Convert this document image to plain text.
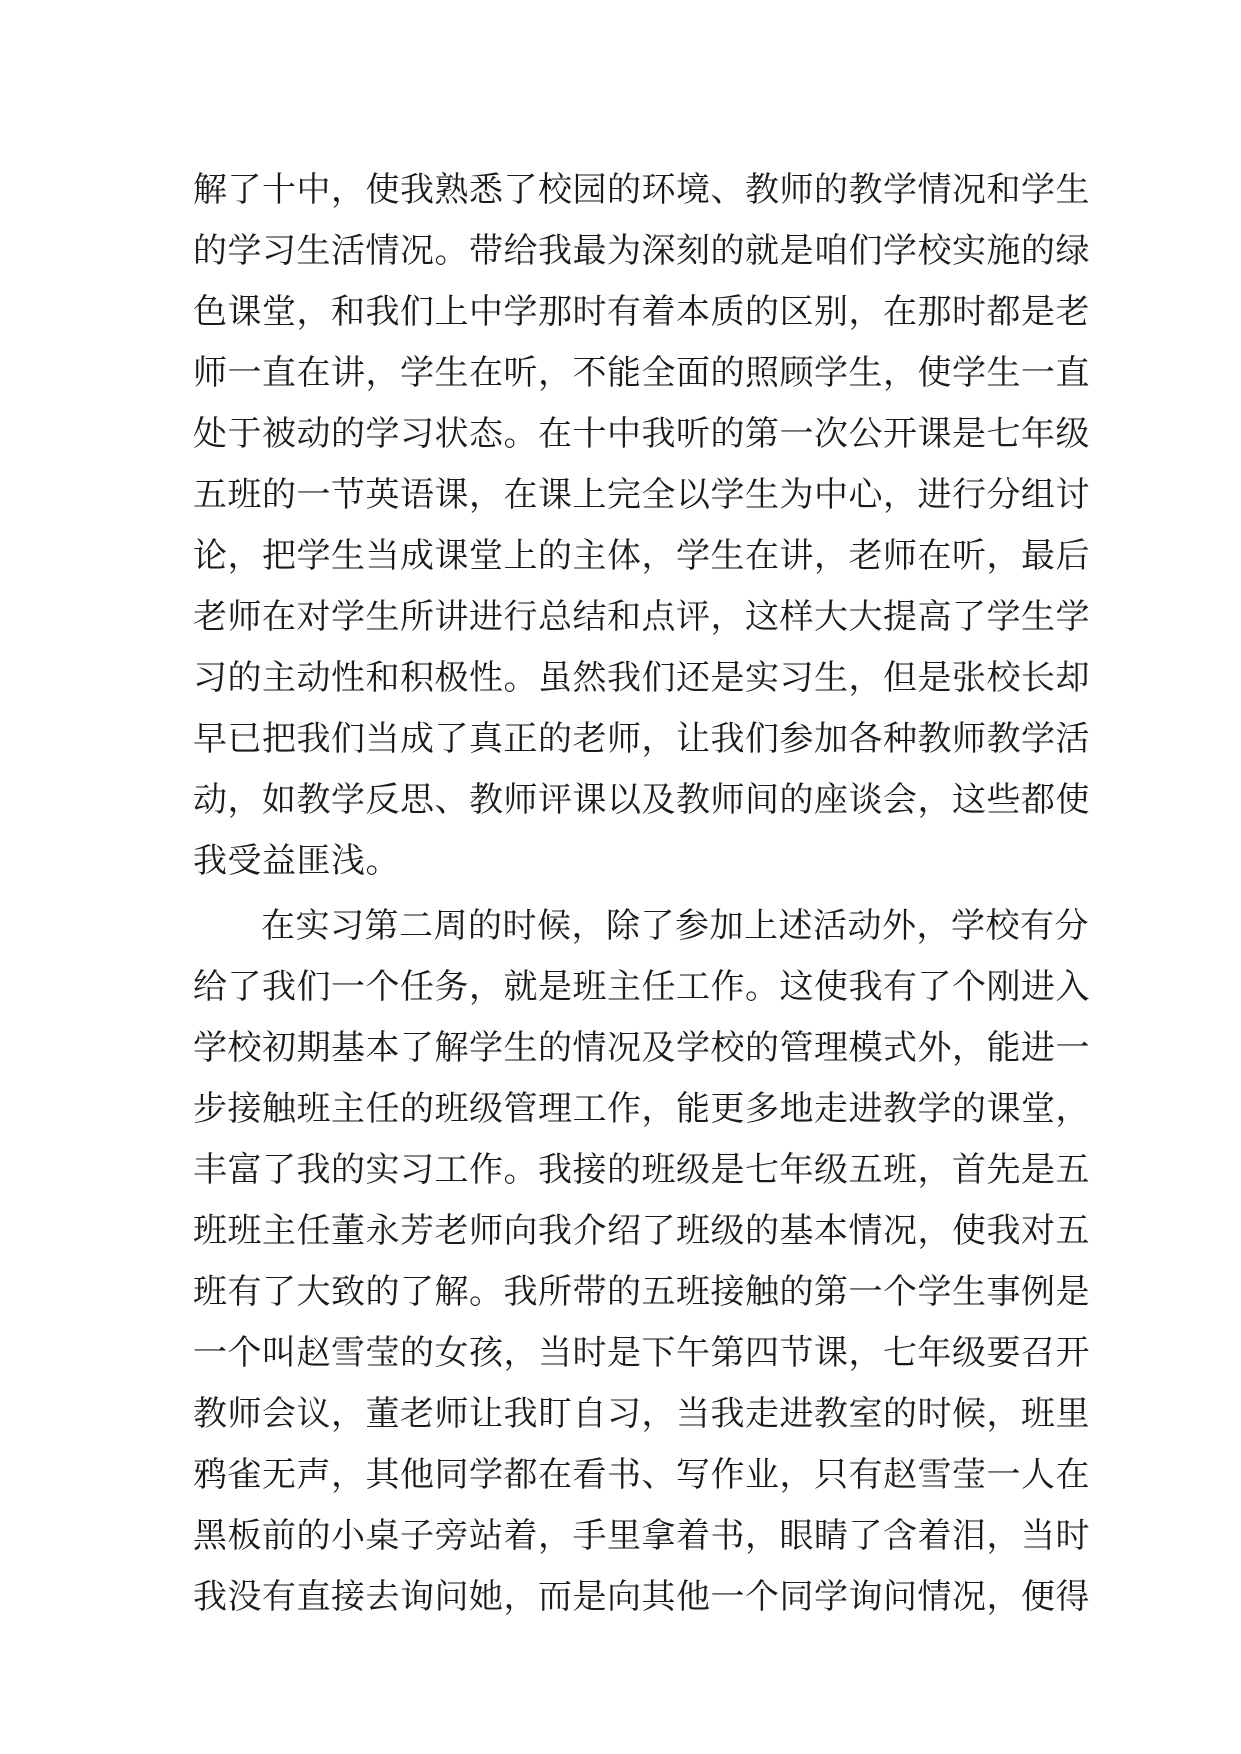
解了十中，使我熟悉了校园的环境、教师的教学情况和学生
的学习生活情况。带给我最为深刻的就是咱们学校实施的绿
色课堂，和我们上中学那时有着本质的区别，在那时都是老
师一直在讲，学生在听，不能全面的照顾学生，使学生一直
处于被动的学习状态。在十中我听的第一次公开课是七年级
五班的一节英语课，在课上完全以学生为中心，进行分组讨
论，把学生当成课堂上的主体，学生在讲，老师在听，最后
老师在对学生所讲进行总结和点评，这样大大提高了学生学
习的主动性和积极性。虽然我们还是实习生，但是张校长却
早已把我们当成了真正的老师，让我们参加各种教师教学活
动，如教学反思、教师评课以及教师间的座谈会，这些都使
我受益匪浅。
在实习第二周的时候，除了参加上述活动外，学校有分
给了我们一个任务，就是班主任工作。这使我有了个刚进入
学校初期基本了解学生的情况及学校的管理模式外，能进一
步接触班主任的班级管理工作，能更多地走进教学的课堂，
丰富了我的实习工作。我接的班级是七年级五班，首先是五
班班主任董永芳老师向我介绍了班级的基本情况，使我对五
班有了大致的了解。我所带的五班接触的第一个学生事例是
一个叫赵雪莹的女孩，当时是下午第四节课，七年级要召开
教师会议，董老师让我盯自习，当我走进教室的时候，班里
鸦雀无声，其他同学都在看书、写作业，只有赵雪莹一人在
黑板前的小桌子旁站着，手里拿着书，眼睛了含着泪，当时
我没有直接去询问她，而是向其他一个同学询问情况，便得
